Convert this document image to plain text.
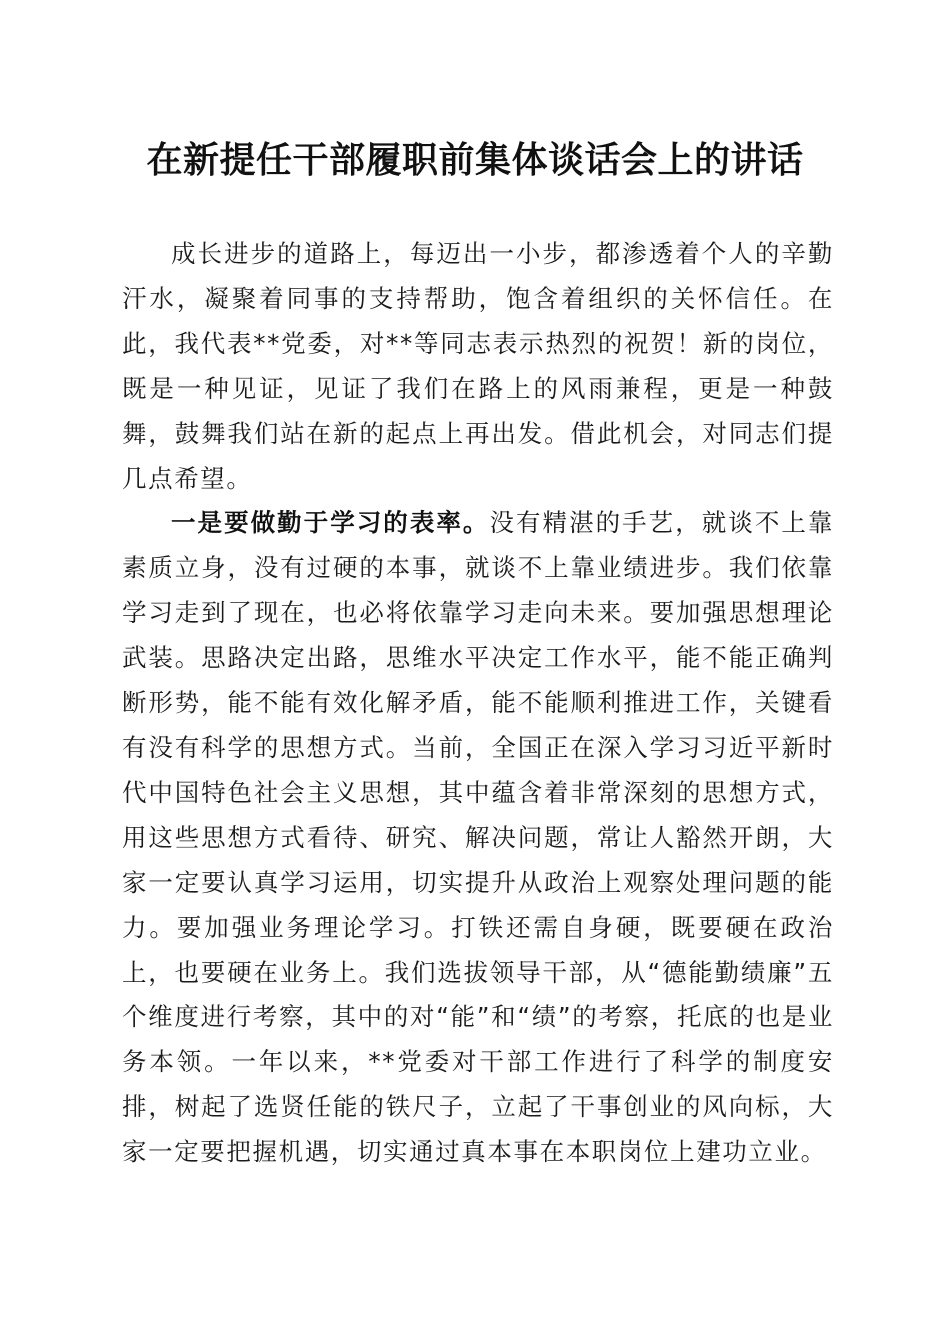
在新提任干部履职前集体谈话会上的讲话

成长进步的道路上，每迈出一小步，都渗透着个人的辛勤汗水，凝聚着同事的支持帮助，饱含着组织的关怀信任。在此，我代表**党委，对**等同志表示热烈的祝贺！新的岗位，既是一种见证，见证了我们在路上的风雨兼程，更是一种鼓舞，鼓舞我们站在新的起点上再出发。借此机会，对同志们提几点希望。

一是要做勤于学习的表率。没有精湛的手艺，就谈不上靠素质立身，没有过硬的本事，就谈不上靠业绩进步。我们依靠学习走到了现在，也必将依靠学习走向未来。要加强思想理论武装。思路决定出路，思维水平决定工作水平，能不能正确判断形势，能不能有效化解矛盾，能不能顺利推进工作，关键看有没有科学的思想方式。当前，全国正在深入学习习近平新时代中国特色社会主义思想，其中蕴含着非常深刻的思想方式，用这些思想方式看待、研究、解决问题，常让人豁然开朗，大家一定要认真学习运用，切实提升从政治上观察处理问题的能力。要加强业务理论学习。打铁还需自身硬，既要硬在政治上，也要硬在业务上。我们选拔领导干部，从“德能勤绩廉”五个维度进行考察，其中的对“能”和“绩”的考察，托底的也是业务本领。一年以来，**党委对干部工作进行了科学的制度安排，树起了选贤任能的铁尺子，立起了干事创业的风向标，大家一定要把握机遇，切实通过真本事在本职岗位上建功立业。
